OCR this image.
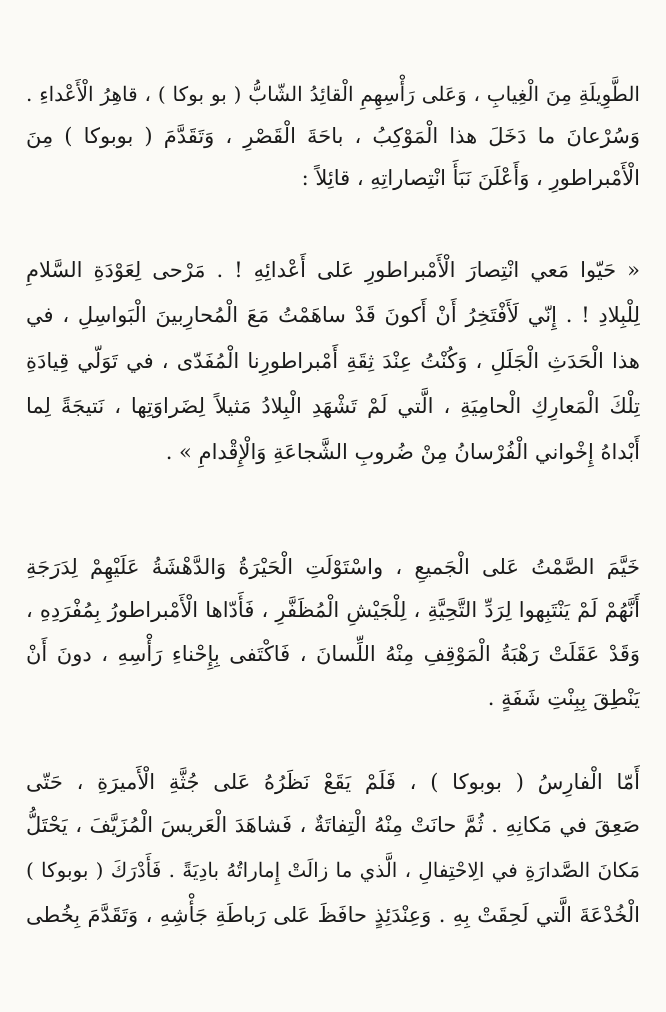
الطَّوِيلَةِ مِنَ الْغِيابِ ، وَعَلى رَأْسِهِمِ الْقائِدُ الشّابُّ ( بو بوكا ) ، قاهِرُ الْأَعْداءِ .
وَسُرْعانَ ما دَخَلَ هذا الْمَوْكِبُ ، باحَةَ الْقَصْرِ ، وَتَقَدَّمَ ( بوبوكا ) مِنَ
الْأَمْبراطورِ ، وَأَعْلَنَ نَبَأَ انْتِصاراتِهِ ، قائِلاً :
« حَيّوا مَعي انْتِصارَ الْأَمْبراطورِ عَلى أَعْدائِهِ ! . مَرْحى لِعَوْدَةِ السَّلامِ
لِلْبِلادِ ! . إِنّي لَأَفْتَخِرُ أَنْ أَكونَ قَدْ ساهَمْتُ مَعَ الْمُحارِبينَ الْبَواسِلِ ، في
هذا الْحَدَثِ الْجَلَلِ ، وَكُنْتُ عِنْدَ ثِقَةِ أَمْبراطورِنا الْمُفَدّى ، في تَوَلّي قِيادَةِ
تِلْكَ الْمَعارِكِ الْحامِيَةِ ، الَّتي لَمْ تَشْهَدِ الْبِلادُ مَثيلاً لِضَراوَتِها ، نَتيجَةً لِما
أَبْداهُ إِخْواني الْفُرْسانُ مِنْ ضُروبِ الشَّجاعَةِ وَالْإِقْدامِ » .
خَيَّمَ الصَّمْتُ عَلى الْجَميعِ ، واسْتَوْلَتِ الْحَيْرَةُ وَالدَّهْشَةُ عَلَيْهِمْ لِدَرَجَةِ
أَنَّهُمْ لَمْ يَنْتَبِهوا لِرَدِّ التَّحِيَّةِ ، لِلْجَيْشِ الْمُظَفَّرِ ، فَأَدّاها الْأَمْبراطورُ بِمُفْرَدِهِ ،
وَقَدْ عَقَلَتْ رَهْبَةُ الْمَوْقِفِ مِنْهُ اللِّسانَ ، فَاكْتَفى بِإِحْناءِ رَأْسِهِ ، دونَ أَنْ
يَنْطِقَ بِبِنْتِ شَفَةٍ .
أَمّا الْفارِسُ ( بوبوكا ) ، فَلَمْ يَقَعْ نَظَرُهُ عَلى جُثَّةِ الْأَميرَةِ ، حَتّى
صَعِقَ في مَكانِهِ . ثُمَّ حانَتْ مِنْهُ الْتِفاتَةٌ ، فَشاهَدَ الْعَريسَ الْمُزَيَّفَ ، يَحْتَلُّ
مَكانَ الصَّدارَةِ في الِاحْتِفالِ ، الَّذي ما زالَتْ إِماراتُهُ بادِيَةً . فَأَدْرَكَ ( بوبوكا )
الْخُدْعَةَ الَّتي لَحِقَتْ بِهِ . وَعِنْدَئِذٍ حافَظَ عَلى رَباطَةِ جَأْشِهِ ، وَتَقَدَّمَ بِخُطى
